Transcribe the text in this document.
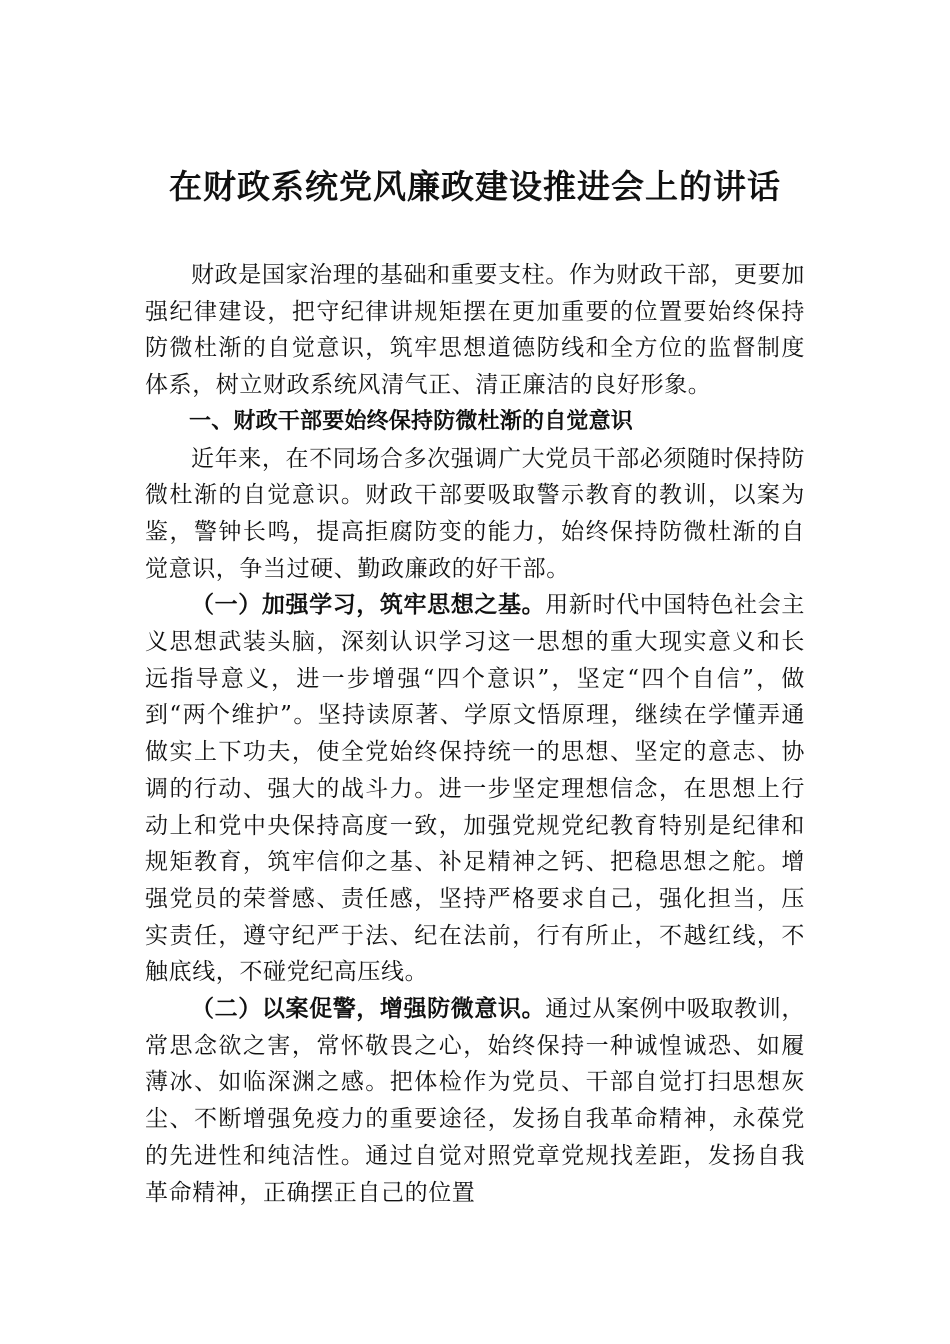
在财政系统党风廉政建设推进会上的讲话

财政是国家治理的基础和重要支柱。作为财政干部，更要加强纪律建设，把守纪律讲规矩摆在更加重要的位置要始终保持防微杜渐的自觉意识，筑牢思想道德防线和全方位的监督制度体系，树立财政系统风清气正、清正廉洁的良好形象。

一、财政干部要始终保持防微杜渐的自觉意识

近年来，在不同场合多次强调广大党员干部必须随时保持防微杜渐的自觉意识。财政干部要吸取警示教育的教训，以案为鉴，警钟长鸣，提高拒腐防变的能力，始终保持防微杜渐的自觉意识，争当过硬、勤政廉政的好干部。

（一）加强学习，筑牢思想之基。用新时代中国特色社会主义思想武装头脑，深刻认识学习这一思想的重大现实意义和长远指导意义，进一步增强“四个意识”，坚定“四个自信”，做到“两个维护”。坚持读原著、学原文悟原理，继续在学懂弄通做实上下功夫，使全党始终保持统一的思想、坚定的意志、协调的行动、强大的战斗力。进一步坚定理想信念，在思想上行动上和党中央保持高度一致，加强党规党纪教育特别是纪律和规矩教育，筑牢信仰之基、补足精神之钙、把稳思想之舵。增强党员的荣誉感、责任感，坚持严格要求自己，强化担当，压实责任，遵守纪严于法、纪在法前，行有所止，不越红线，不触底线，不碰党纪高压线。

（二）以案促警，增强防微意识。通过从案例中吸取教训，常思念欲之害，常怀敬畏之心，始终保持一种诚惶诚恐、如履薄冰、如临深渊之感。把体检作为党员、干部自觉打扫思想灰尘、不断增强免疫力的重要途径，发扬自我革命精神，永葆党的先进性和纯洁性。通过自觉对照党章党规找差距，发扬自我革命精神，正确摆正自己的位置
